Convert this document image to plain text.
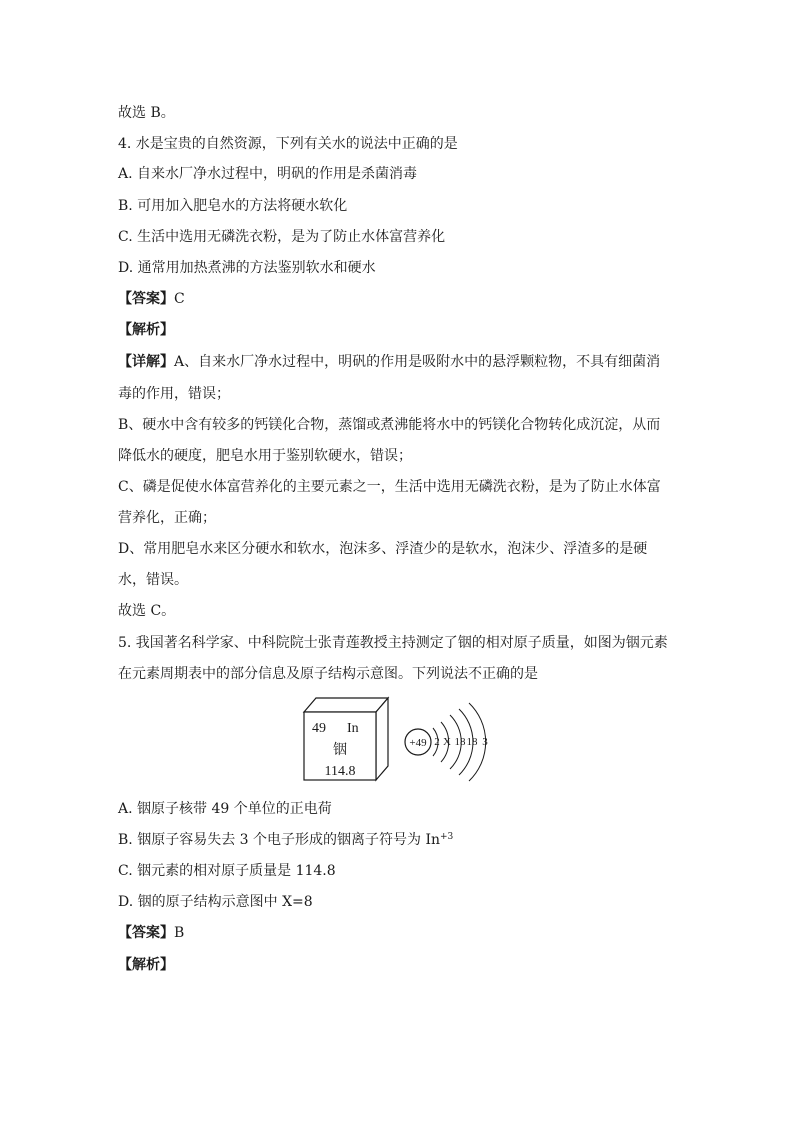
故选 B。
4. 水是宝贵的自然资源，下列有关水的说法中正确的是
A. 自来水厂净水过程中，明矾的作用是杀菌消毒
B. 可用加入肥皂水的方法将硬水软化
C. 生活中选用无磷洗衣粉，是为了防止水体富营养化
D. 通常用加热煮沸的方法鉴别软水和硬水
【答案】C
【解析】
【详解】A、自来水厂净水过程中，明矾的作用是吸附水中的悬浮颗粒物，不具有细菌消
毒的作用，错误；
B、硬水中含有较多的钙镁化合物，蒸馏或煮沸能将水中的钙镁化合物转化成沉淀，从而
降低水的硬度，肥皂水用于鉴别软硬水，错误；
C、磷是促使水体富营养化的主要元素之一，生活中选用无磷洗衣粉，是为了防止水体富
营养化，正确；
D、常用肥皂水来区分硬水和软水，泡沫多、浮渣少的是软水，泡沫少、浮渣多的是硬
水，错误。
故选 C。
5. 我国著名科学家、中科院院士张青莲教授主持测定了铟的相对原子质量，如图为铟元素
在元素周期表中的部分信息及原子结构示意图。下列说法不正确的是
49 In
铟
114.8
+49 2 X 18 18 3
A. 铟原子核带 49 个单位的正电荷
B. 铟原子容易失去 3 个电子形成的铟离子符号为 $In^{+3}$
C. 铟元素的相对原子质量是 114.8
D. 铟的原子结构示意图中 X=8
【答案】B
【解析】
